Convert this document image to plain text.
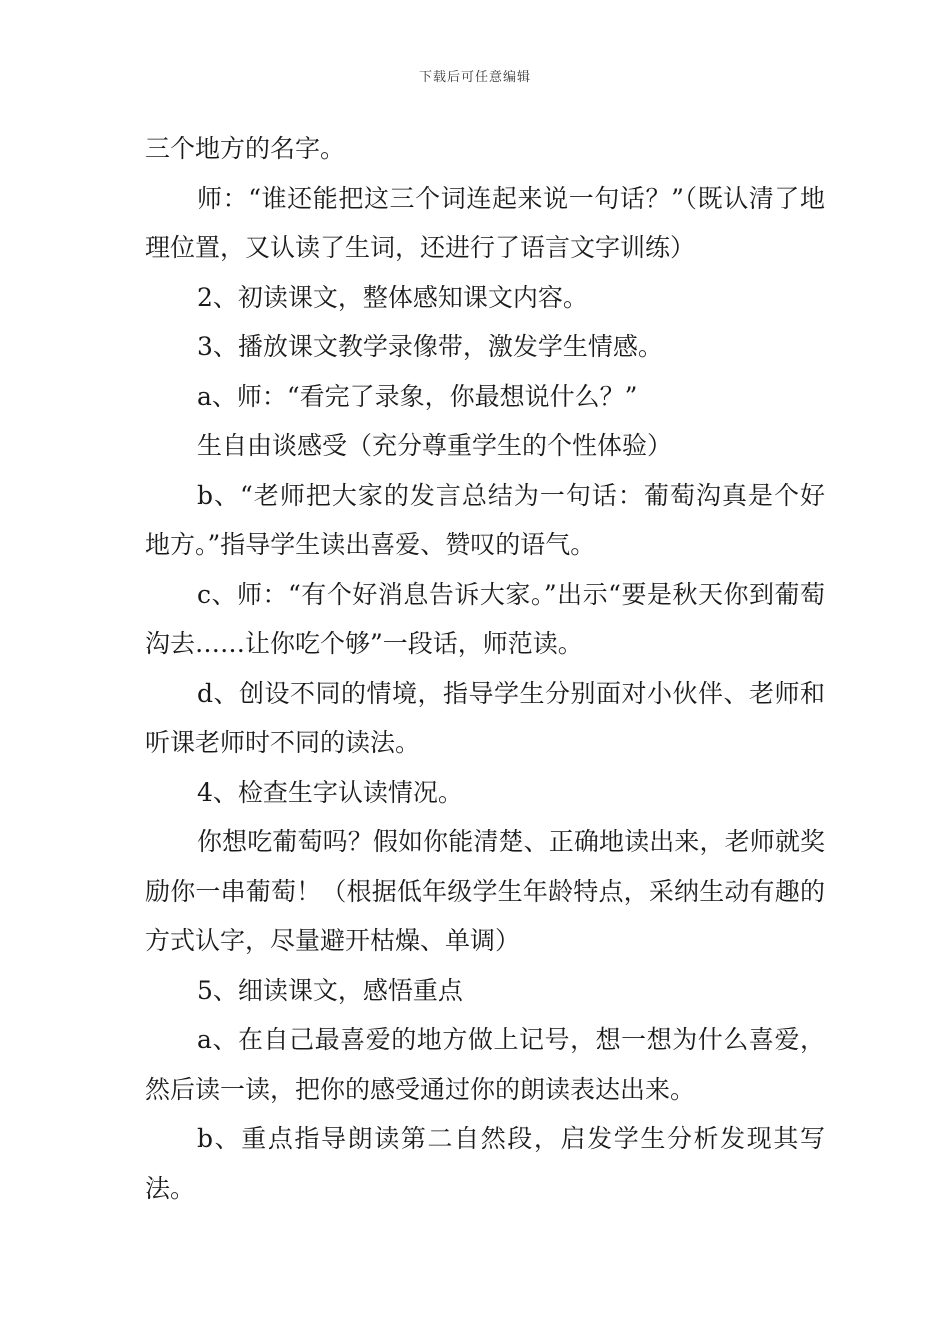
下载后可任意编辑

三个地方的名字。

师：“谁还能把这三个词连起来说一句话？”（既认清了地理位置，又认读了生词，还进行了语言文字训练）

2、初读课文，整体感知课文内容。

3、播放课文教学录像带，激发学生情感。

a、师：“看完了录象，你最想说什么？”

生自由谈感受（充分尊重学生的个性体验）

b、“老师把大家的发言总结为一句话：葡萄沟真是个好地方。”指导学生读出喜爱、赞叹的语气。

c、师：“有个好消息告诉大家。”出示“要是秋天你到葡萄沟去……让你吃个够”一段话，师范读。

d、创设不同的情境，指导学生分别面对小伙伴、老师和听课老师时不同的读法。

4、检查生字认读情况。

你想吃葡萄吗？假如你能清楚、正确地读出来，老师就奖励你一串葡萄！（根据低年级学生年龄特点，采纳生动有趣的方式认字，尽量避开枯燥、单调）

5、细读课文，感悟重点

a、在自己最喜爱的地方做上记号，想一想为什么喜爱，然后读一读，把你的感受通过你的朗读表达出来。

b、重点指导朗读第二自然段，启发学生分析发现其写法。
